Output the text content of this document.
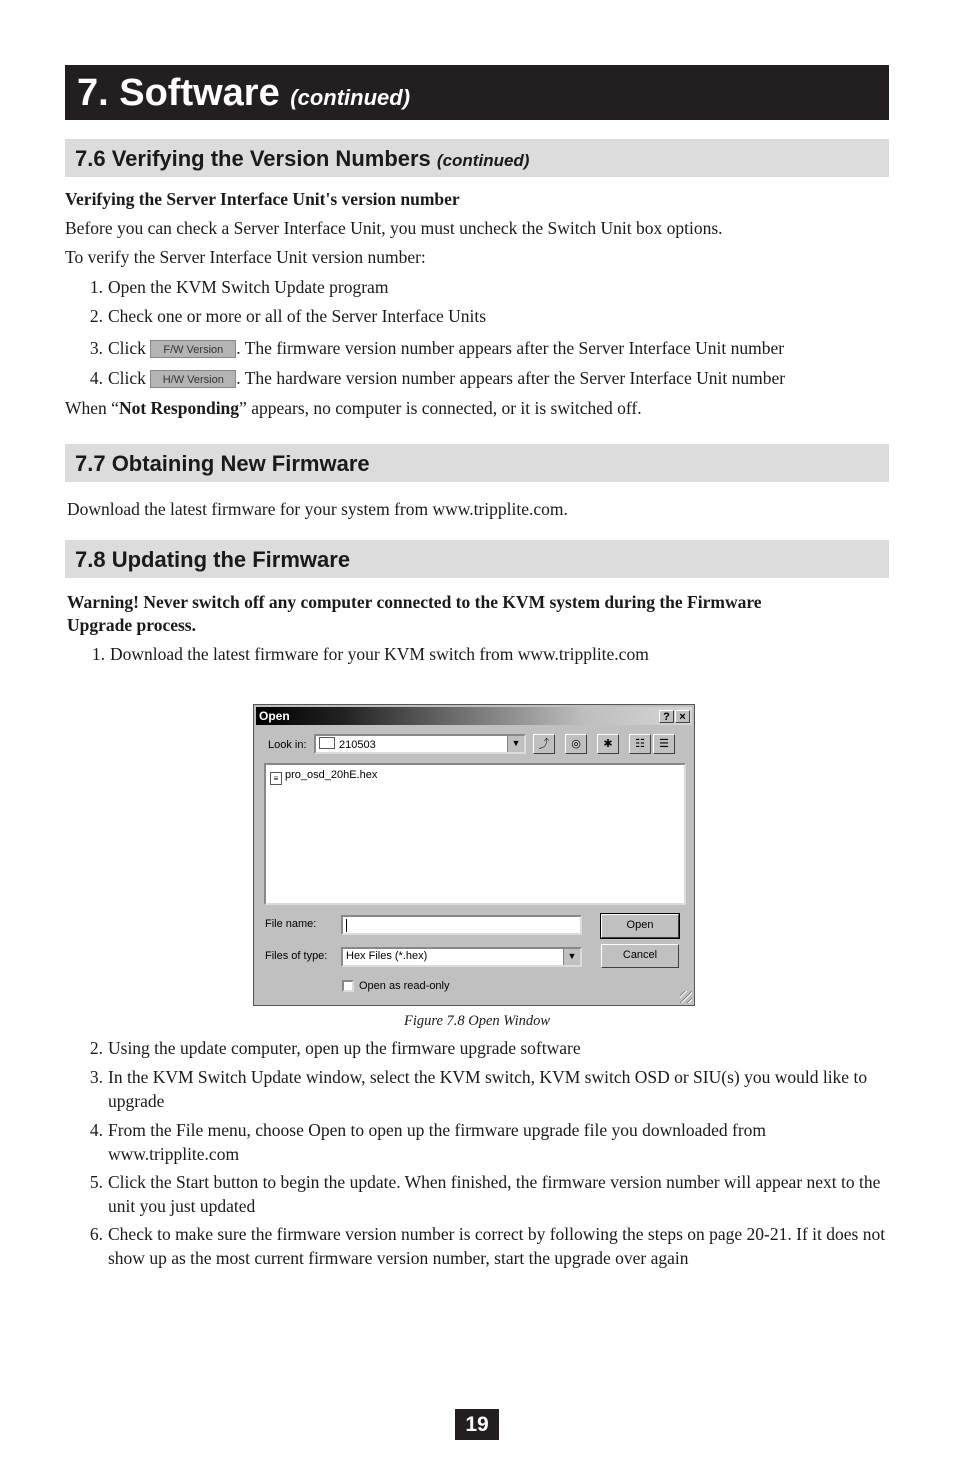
7. Software (continued)
7.6 Verifying the Version Numbers (continued)
Verifying the Server Interface Unit's version number
Before you can check a Server Interface Unit, you must uncheck the Switch Unit box options.
To verify the Server Interface Unit version number:
1. Open the KVM Switch Update program
2. Check one or more or all of the Server Interface Units
3. Click F/W Version . The firmware version number appears after the Server Interface Unit number
4. Click H/W Version . The hardware version number appears after the Server Interface Unit number
When “Not Responding” appears, no computer is connected, or it is switched off.
7.7 Obtaining New Firmware
Download the latest firmware for your system from www.tripplite.com.
7.8 Updating the Firmware
Warning! Never switch off any computer connected to the KVM system during the Firmware
Upgrade process.
1. Download the latest firmware for your KVM switch from www.tripplite.com
Open	? ×
Look in:	210503	▼	⤴	◎	✱	☷	☰
≡ pro_osd_20hE.hex
File name:	Open
Files of type: Hex Files (*.hex)	▼	Cancel
Open as read-only
Figure 7.8 Open Window
2. Using the update computer, open up the firmware upgrade software
3. In the KVM Switch Update window, select the KVM switch, KVM switch OSD or SIU(s) you would like to upgrade
4. From the File menu, choose Open to open up the firmware upgrade file you downloaded from www.tripplite.com
5. Click the Start button to begin the update. When finished, the firmware version number will appear next to the unit you just updated
6. Check to make sure the firmware version number is correct by following the steps on page 20-21. If it does not show up as the most current firmware version number, start the upgrade over again
19
